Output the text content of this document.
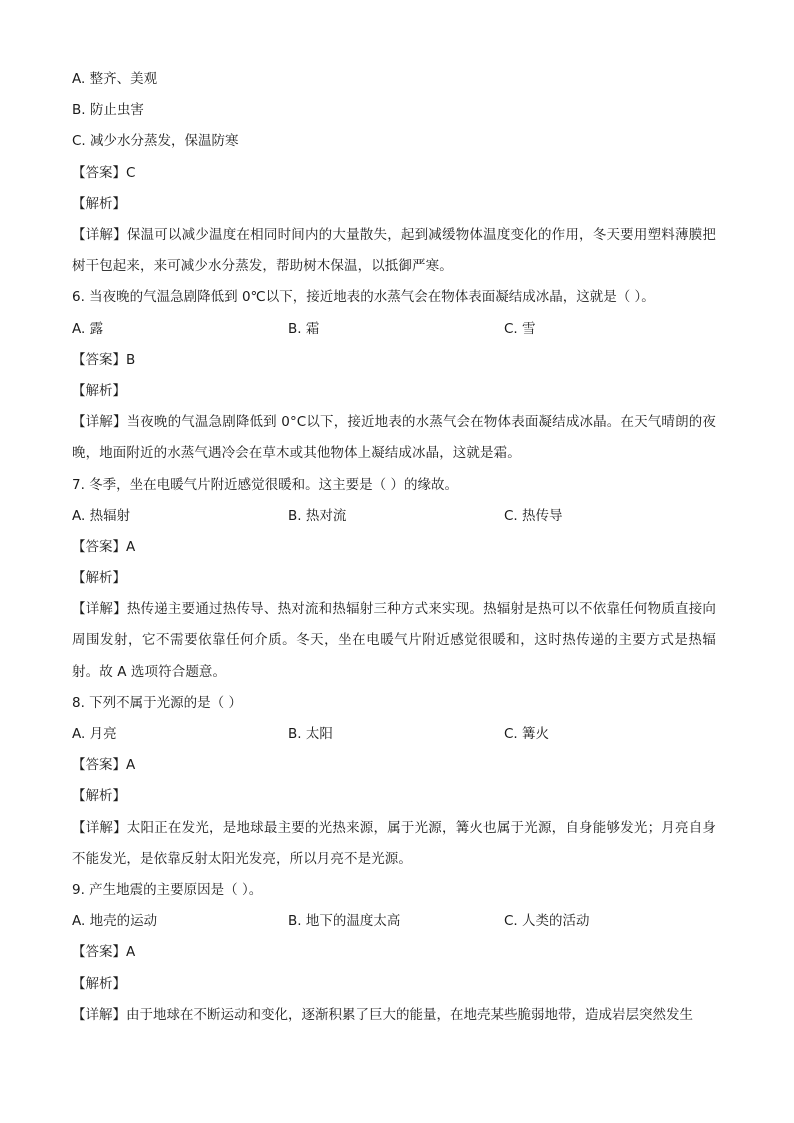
A. 整齐、美观
B. 防止虫害
C. 减少水分蒸发，保温防寒
【答案】C
【解析】
【详解】保温可以减少温度在相同时间内的大量散失，起到减缓物体温度变化的作用，冬天要用塑料薄膜把树干包起来，来可减少水分蒸发，帮助树木保温，以抵御严寒。
6. 当夜晚的气温急剧降低到 0℃以下，接近地表的水蒸气会在物体表面凝结成冰晶，这就是（ ）。
A. 露	B. 霜	C. 雪
【答案】B
【解析】
【详解】当夜晚的气温急剧降低到 0°C以下，接近地表的水蒸气会在物体表面凝结成冰晶。在天气晴朗的夜晚，地面附近的水蒸气遇冷会在草木或其他物体上凝结成冰晶，这就是霜。
7. 冬季，坐在电暖气片附近感觉很暖和。这主要是（ ）的缘故。
A. 热辐射	B. 热对流	C. 热传导
【答案】A
【解析】
【详解】热传递主要通过热传导、热对流和热辐射三种方式来实现。热辐射是热可以不依靠任何物质直接向周围发射，它不需要依靠任何介质。冬天，坐在电暖气片附近感觉很暖和，这时热传递的主要方式是热辐射。故 A 选项符合题意。
8. 下列不属于光源的是（ ）
A. 月亮	B. 太阳	C. 篝火
【答案】A
【解析】
【详解】太阳正在发光，是地球最主要的光热来源，属于光源，篝火也属于光源，自身能够发光；月亮自身不能发光，是依靠反射太阳光发亮，所以月亮不是光源。
9. 产生地震的主要原因是（ ）。
A. 地壳的运动	B. 地下的温度太高	C. 人类的活动
【答案】A
【解析】
【详解】由于地球在不断运动和变化，逐渐积累了巨大的能量，在地壳某些脆弱地带，造成岩层突然发生
